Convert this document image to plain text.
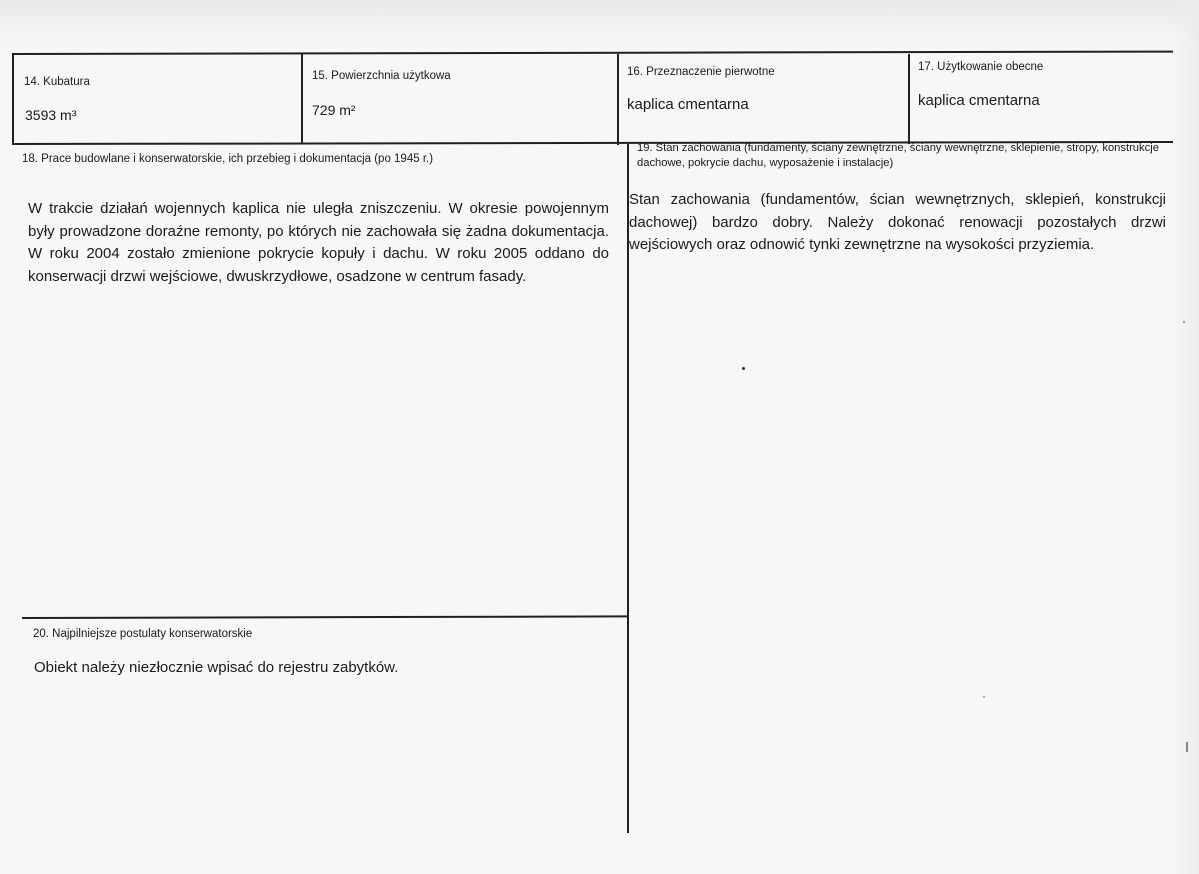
14. Kubatura
3593 m³
15. Powierzchnia użytkowa
729 m²
16. Przeznaczenie pierwotne
kaplica cmentarna
17. Użytkowanie obecne
kaplica cmentarna
18. Prace budowlane i konserwatorskie, ich przebieg i dokumentacja (po 1945 r.)

W trakcie działań wojennych kaplica nie uległa zniszczeniu. W okresie powojennym były prowadzone doraźne remonty, po których nie zachowała się żadna dokumentacja. W roku 2004 zostało zmienione pokrycie kopuły i dachu. W roku 2005 oddano do konserwacji drzwi wejściowe, dwuskrzydłowe, osadzone w centrum fasady.

19. Stan zachowania (fundamenty, ściany zewnętrzne, ściany wewnętrzne, sklepienie, stropy, konstrukcje dachowe, pokrycie dachu, wyposażenie i instalacje)

Stan zachowania (fundamentów, ścian wewnętrznych, sklepień, konstrukcji dachowej) bardzo dobry. Należy dokonać renowacji pozostałych drzwi wejściowych oraz odnowić tynki zewnętrzne na wysokości przyziemia.

20. Najpilniejsze postulaty konserwatorskie

Obiekt należy niezłocznie wpisać do rejestru zabytków.
